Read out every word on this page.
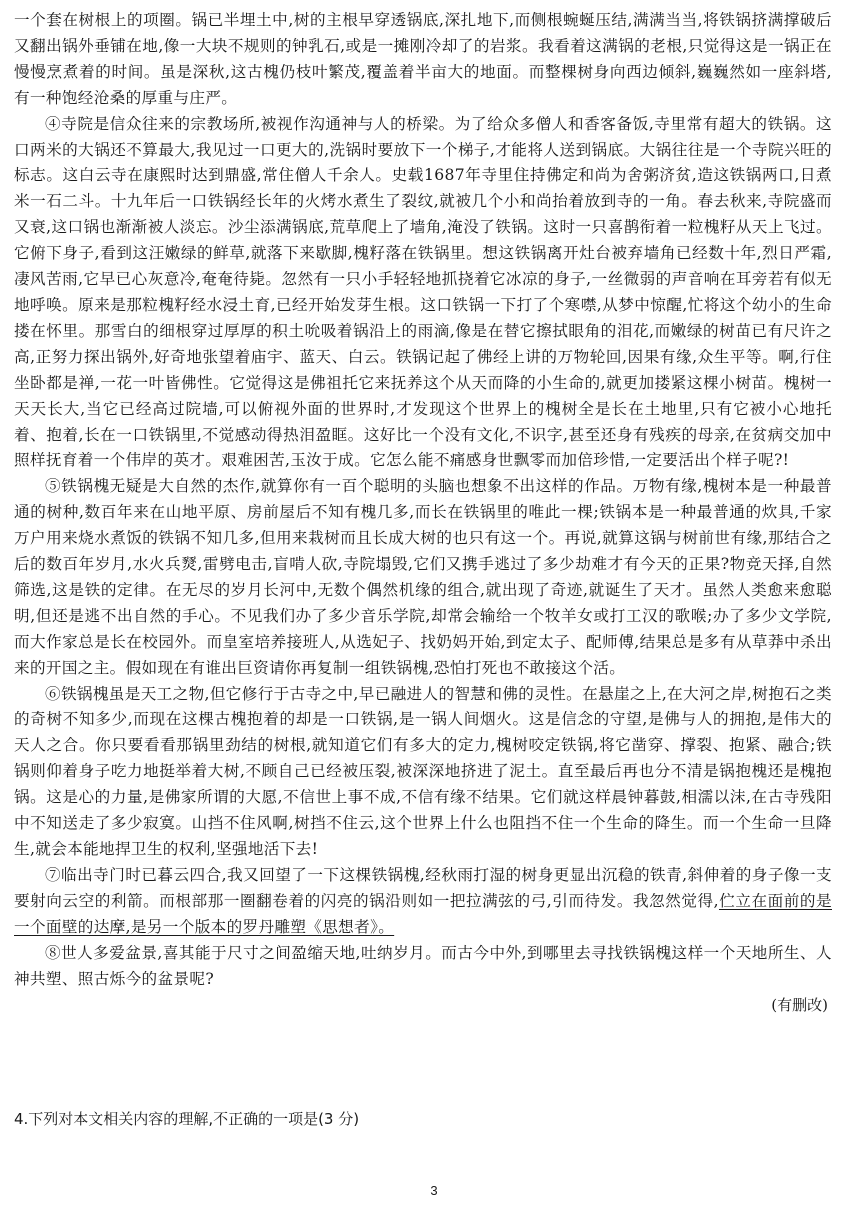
一个套在树根上的项圈。锅已半埋土中,树的主根早穿透锅底,深扎地下,而侧根蜿蜒压结,满满当当,将铁锅挤满撑破后又翻出锅外垂铺在地,像一大块不规则的钟乳石,或是一摊刚冷却了的岩浆。我看着这满锅的老根,只觉得这是一锅正在慢慢烹煮着的时间。虽是深秋,这古槐仍枝叶繁茂,覆盖着半亩大的地面。而整棵树身向西边倾斜,巍巍然如一座斜塔,有一种饱经沧桑的厚重与庄严。

④寺院是信众往来的宗教场所,被视作沟通神与人的桥梁。为了给众多僧人和香客备饭,寺里常有超大的铁锅。这口两米的大锅还不算最大,我见过一口更大的,洗锅时要放下一个梯子,才能将人送到锅底。大锅往往是一个寺院兴旺的标志。这白云寺在康熙时达到鼎盛,常住僧人千余人。史载1687年寺里住持佛定和尚为舍粥济贫,造这铁锅两口,日煮米一石二斗。十九年后一口铁锅经长年的火烤水煮生了裂纹,就被几个小和尚抬着放到寺的一角。春去秋来,寺院盛而又衰,这口锅也渐渐被人淡忘。沙尘添满锅底,荒草爬上了墙角,淹没了铁锅。这时一只喜鹊衔着一粒槐籽从天上飞过。它俯下身子,看到这汪嫩绿的鲜草,就落下来歇脚,槐籽落在铁锅里。想这铁锅离开灶台被弃墙角已经数十年,烈日严霜,凄风苦雨,它早已心灰意冷,奄奄待毙。忽然有一只小手轻轻地抓挠着它冰凉的身子,一丝微弱的声音响在耳旁若有似无地呼唤。原来是那粒槐籽经水浸土育,已经开始发芽生根。这口铁锅一下打了个寒噤,从梦中惊醒,忙将这个幼小的生命搂在怀里。那雪白的细根穿过厚厚的积土吮吸着锅沿上的雨滴,像是在替它擦拭眼角的泪花,而嫩绿的树苗已有尺许之高,正努力探出锅外,好奇地张望着庙宇、蓝天、白云。铁锅记起了佛经上讲的万物轮回,因果有缘,众生平等。啊,行住坐卧都是禅,一花一叶皆佛性。它觉得这是佛祖托它来抚养这个从天而降的小生命的,就更加搂紧这棵小树苗。槐树一天天长大,当它已经高过院墙,可以俯视外面的世界时,才发现这个世界上的槐树全是长在土地里,只有它被小心地托着、抱着,长在一口铁锅里,不觉感动得热泪盈眶。这好比一个没有文化,不识字,甚至还身有残疾的母亲,在贫病交加中照样抚育着一个伟岸的英才。艰难困苦,玉汝于成。它怎么能不痛感身世飘零而加倍珍惜,一定要活出个样子呢?!

⑤铁锅槐无疑是大自然的杰作,就算你有一百个聪明的头脑也想象不出这样的作品。万物有缘,槐树本是一种最普通的树种,数百年来在山地平原、房前屋后不知有槐几多,而长在铁锅里的唯此一棵;铁锅本是一种最普通的炊具,千家万户用来烧水煮饭的铁锅不知几多,但用来栽树而且长成大树的也只有这一个。再说,就算这锅与树前世有缘,那结合之后的数百年岁月,水火兵燹,雷劈电击,盲啃人砍,寺院塌毁,它们又携手逃过了多少劫难才有今天的正果?物竞天择,自然筛选,这是铁的定律。在无尽的岁月长河中,无数个偶然机缘的组合,就出现了奇迹,就诞生了天才。虽然人类愈来愈聪明,但还是逃不出自然的手心。不见我们办了多少音乐学院,却常会输给一个牧羊女或打工汉的歌喉;办了多少文学院,而大作家总是长在校园外。而皇室培养接班人,从选妃子、找奶妈开始,到定太子、配师傅,结果总是多有从草莽中杀出来的开国之主。假如现在有谁出巨资请你再复制一组铁锅槐,恐怕打死也不敢接这个活。

⑥铁锅槐虽是天工之物,但它修行于古寺之中,早已融进人的智慧和佛的灵性。在悬崖之上,在大河之岸,树抱石之类的奇树不知多少,而现在这棵古槐抱着的却是一口铁锅,是一锅人间烟火。这是信念的守望,是佛与人的拥抱,是伟大的天人之合。你只要看看那锅里劲结的树根,就知道它们有多大的定力,槐树咬定铁锅,将它凿穿、撑裂、抱紧、融合;铁锅则仰着身子吃力地挺举着大树,不顾自己已经被压裂,被深深地挤进了泥土。直至最后再也分不清是锅抱槐还是槐抱锅。这是心的力量,是佛家所谓的大愿,不信世上事不成,不信有缘不结果。它们就这样晨钟暮鼓,相濡以沫,在古寺残阳中不知送走了多少寂寞。山挡不住风啊,树挡不住云,这个世界上什么也阻挡不住一个生命的降生。而一个生命一旦降生,就会本能地捍卫生的权利,坚强地活下去!

⑦临出寺门时已暮云四合,我又回望了一下这棵铁锅槐,经秋雨打湿的树身更显出沉稳的铁青,斜伸着的身子像一支要射向云空的利箭。而根部那一圈翻卷着的闪亮的锅沿则如一把拉满弦的弓,引而待发。我忽然觉得,伫立在面前的是一个面壁的达摩,是另一个版本的罗丹雕塑《思想者》。

⑧世人多爱盆景,喜其能于尺寸之间盈缩天地,吐纳岁月。而古今中外,到哪里去寻找铁锅槐这样一个天地所生、人神共塑、照古烁今的盆景呢?

(有删改)

4.下列对本文相关内容的理解,不正确的一项是(3 分)
3
